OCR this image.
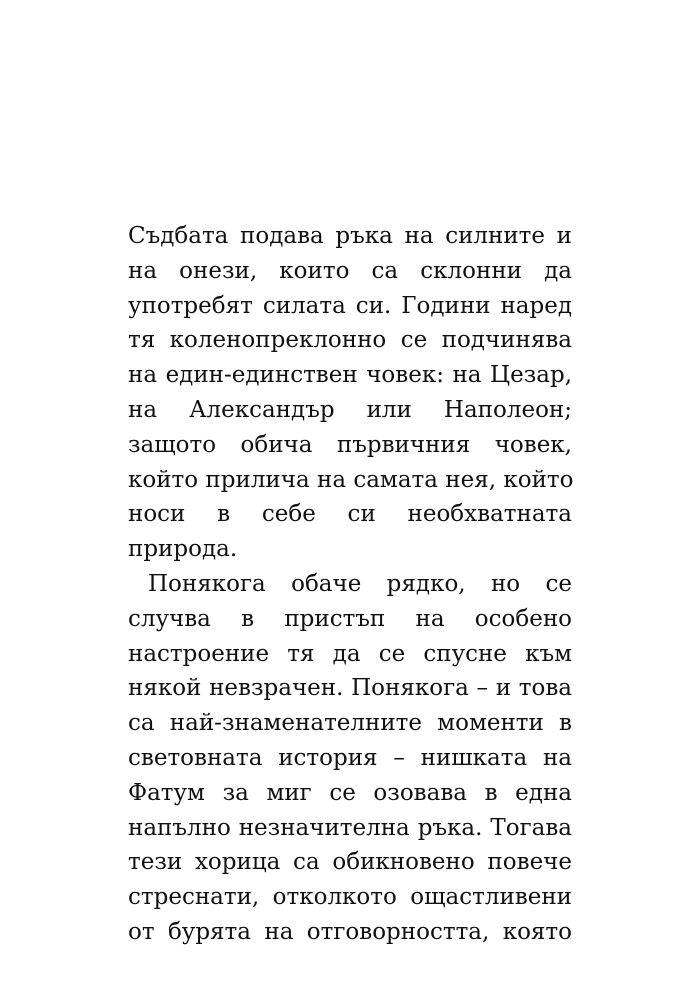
Съдбата подава ръка на силните и
на онези, които са склонни да
употребят силата си. Години наред
тя коленопреклонно се подчинява
на един-единствен човек: на Цезар,
на Александър или Наполеон;
защото обича първичния човек,
който прилича на самата нея, който
носи в себе си необхватната
природа.
Понякога обаче рядко, но се
случва в пристъп на особено
настроение тя да се спусне към
някой невзрачен. Понякога – и това
са най-знаменателните моменти в
световната история – нишката на
Фатум за миг се озовава в една
напълно незначителна ръка. Тогава
тези хорица са обикновено повече
стреснати, отколкото ощастливени
от бурята на отговорността, която
